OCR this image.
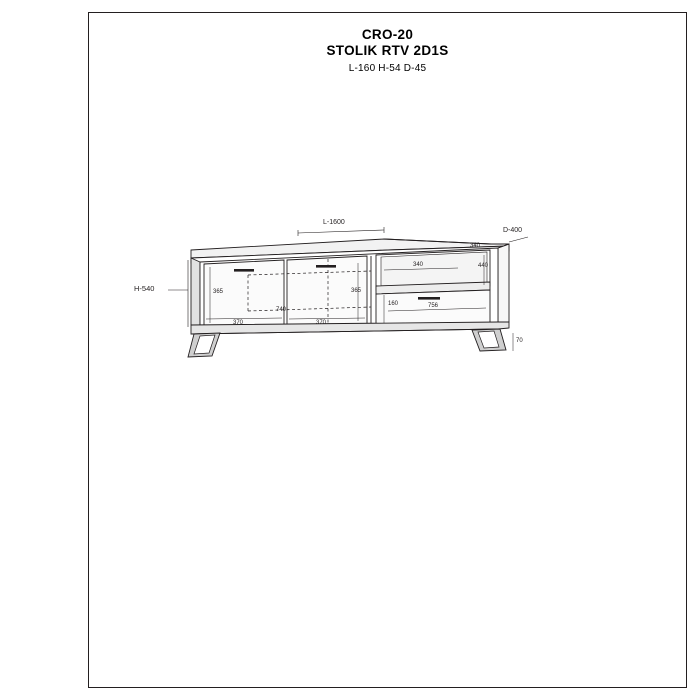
CRO-20
STOLIK RTV 2D1S
L-160 H-54 D-45
L-1600
D-400
H-540	365
370
365
370
340	440
160	756
340
70
740
